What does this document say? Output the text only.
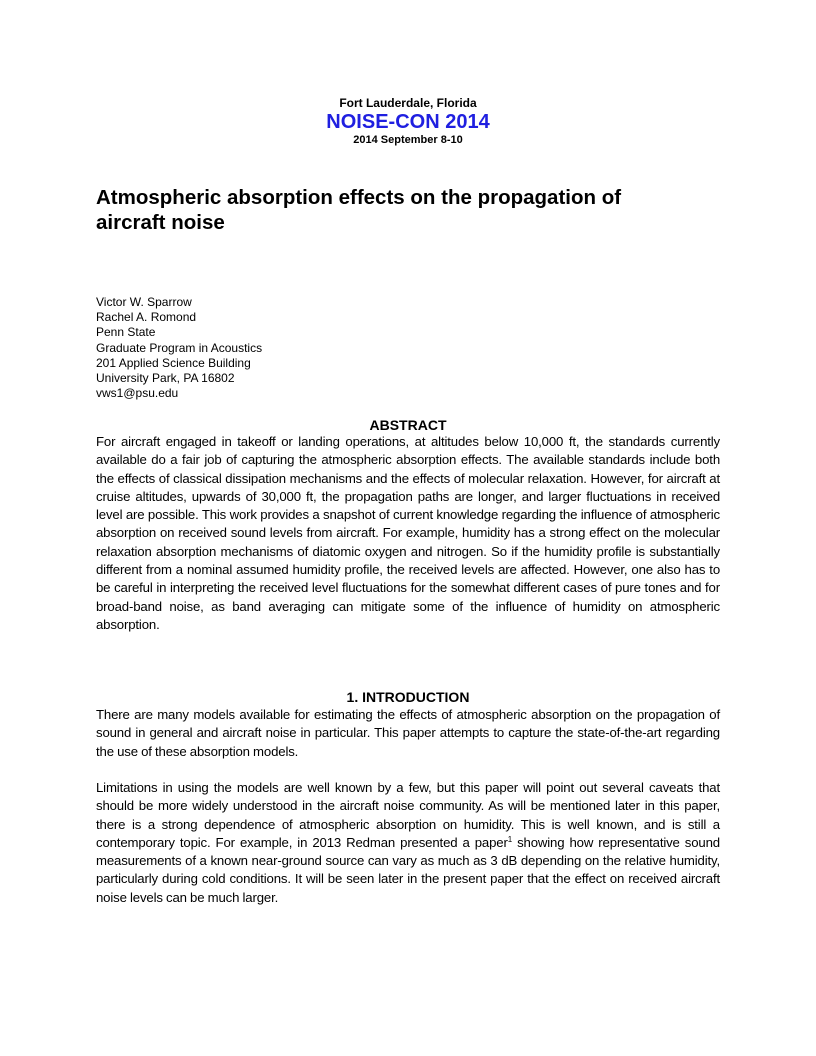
Fort Lauderdale, Florida
NOISE-CON 2014
2014 September 8-10
Atmospheric absorption effects on the propagation of aircraft noise
Victor W. Sparrow
Rachel A. Romond
Penn State
Graduate Program in Acoustics
201 Applied Science Building
University Park, PA 16802
vws1@psu.edu
ABSTRACT

For aircraft engaged in takeoff or landing operations, at altitudes below 10,000 ft, the standards currently available do a fair job of capturing the atmospheric absorption effects. The available standards include both the effects of classical dissipation mechanisms and the effects of molecular relaxation. However, for aircraft at cruise altitudes, upwards of 30,000 ft, the propagation paths are longer, and larger fluctuations in received level are possible. This work provides a snapshot of current knowledge regarding the influence of atmospheric absorption on received sound levels from aircraft. For example, humidity has a strong effect on the molecular relaxation absorption mechanisms of diatomic oxygen and nitrogen. So if the humidity profile is substantially different from a nominal assumed humidity profile, the received levels are affected. However, one also has to be careful in interpreting the received level fluctuations for the somewhat different cases of pure tones and for broad-band noise, as band averaging can mitigate some of the influence of humidity on atmospheric absorption.

1. INTRODUCTION

There are many models available for estimating the effects of atmospheric absorption on the propagation of sound in general and aircraft noise in particular. This paper attempts to capture the state-of-the-art regarding the use of these absorption models.

Limitations in using the models are well known by a few, but this paper will point out several caveats that should be more widely understood in the aircraft noise community. As will be mentioned later in this paper, there is a strong dependence of atmospheric absorption on humidity. This is well known, and is still a contemporary topic. For example, in 2013 Redman presented a paper$^1$ showing how representative sound measurements of a known near-ground source can vary as much as 3 dB depending on the relative humidity, particularly during cold conditions. It will be seen later in the present paper that the effect on received aircraft noise levels can be much larger.
